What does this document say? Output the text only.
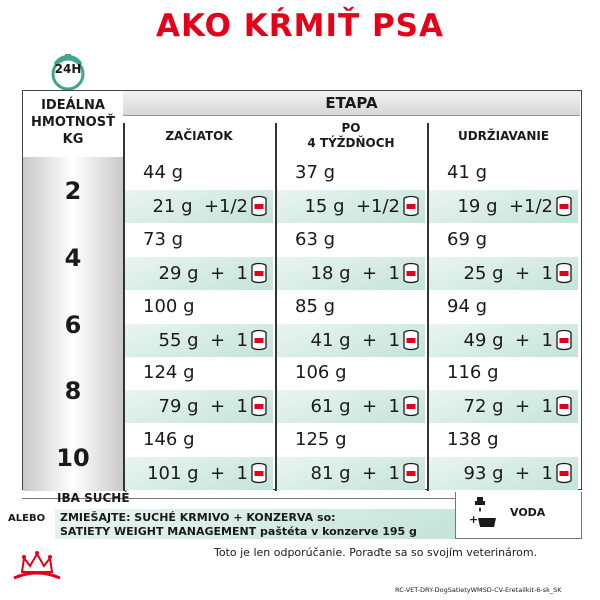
AKO KŔMIŤ PSA
24H
IDEÁLNA
HMOTNOSŤ
KG
ETAPA
ZAČIATOK
PO
4 TÝŽDŇOCH	UDRŽIAVANIE
2
44 g
21 g  +1/2
37 g
15 g  +1/2
41 g
19 g  +1/2
4
73 g
29 g  +  1
63 g
18 g  +  1
69 g
25 g  +  1
6
100 g
55 g  +  1
85 g
41 g  +  1
94 g
49 g  +  1
8
124 g
79 g  +  1
106 g
61 g  +  1
116 g
72 g  +  1
10
146 g
101 g  +  1
125 g
81 g  +  1
138 g
93 g  +  1
IBA SUCHÉ
ALEBO ZMIEŠAJTE: SUCHÉ KRMIVO + KONZERVA so:
SATIETY WEIGHT MANAGEMENT paštéta v konzerve 195 g
+
VODA
Toto je len odporúčanie. Poraďte sa so svojím veterinárom.
RC-VET-DRY-DogSatietyWMSD-CV-Eretailkit-6-sk_SK
